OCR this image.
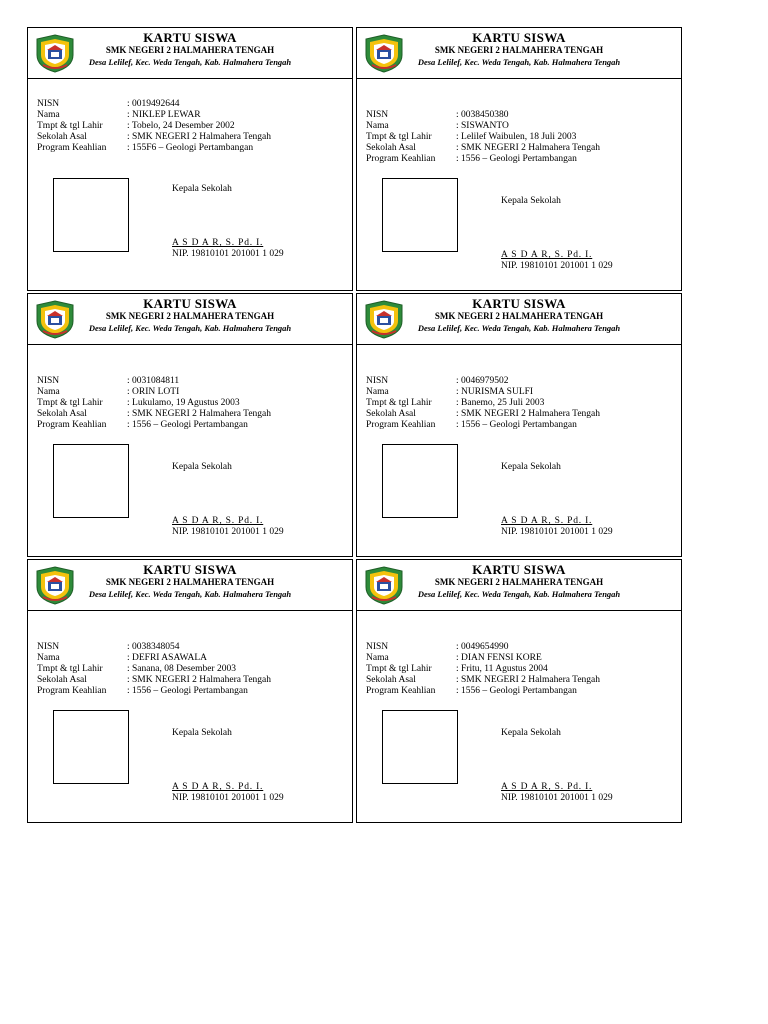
KARTU SISWA
SMK NEGERI 2 HALMAHERA TENGAH
Desa Lelilef, Kec. Weda Tengah, Kab. Halmahera Tengah
NISN	: 0019492644
Nama	: NIKLEP LEWAR
Tmpt & tgl Lahir	: Tobelo, 24 Desember 2002
Sekolah Asal	: SMK NEGERI 2 Halmahera Tengah
Program Keahlian : 155F6 – Geologi Pertambangan
Kepala Sekolah
A S D A R, S. Pd. I.
NIP. 19810101 201001 1 029
KARTU SISWA
SMK NEGERI 2 HALMAHERA TENGAH
Desa Lelilef, Kec. Weda Tengah, Kab. Halmahera Tengah
NISN	: 0038450380
Nama	: SISWANTO
Tmpt & tgl Lahir	: Lelilef Waibulen, 18 Juli 2003
Sekolah Asal	: SMK NEGERI 2 Halmahera Tengah
Program Keahlian : 1556 – Geologi Pertambangan
Kepala Sekolah
A S D A R, S. Pd. I.
NIP. 19810101 201001 1 029
KARTU SISWA
SMK NEGERI 2 HALMAHERA TENGAH
Desa Lelilef, Kec. Weda Tengah, Kab. Halmahera Tengah
NISN	: 0031084811
Nama	: ORIN LOTI
Tmpt & tgl Lahir	: Lukulamo, 19 Agustus 2003
Sekolah Asal	: SMK NEGERI 2 Halmahera Tengah
Program Keahlian : 1556 – Geologi Pertambangan
Kepala Sekolah
A S D A R, S. Pd. I.
NIP. 19810101 201001 1 029
KARTU SISWA
SMK NEGERI 2 HALMAHERA TENGAH
Desa Lelilef, Kec. Weda Tengah, Kab. Halmahera Tengah
NISN	: 0046979502
Nama	: NURISMA SULFI
Tmpt & tgl Lahir	: Banemo, 25 Juli 2003
Sekolah Asal	: SMK NEGERI 2 Halmahera Tengah
Program Keahlian : 1556 – Geologi Pertambangan
Kepala Sekolah
A S D A R, S. Pd. I.
NIP. 19810101 201001 1 029
KARTU SISWA
SMK NEGERI 2 HALMAHERA TENGAH
Desa Lelilef, Kec. Weda Tengah, Kab. Halmahera Tengah
NISN	: 0038348054
Nama	: DEFRI ASAWALA
Tmpt & tgl Lahir	: Sanana, 08 Desember 2003
Sekolah Asal	: SMK NEGERI 2 Halmahera Tengah
Program Keahlian : 1556 – Geologi Pertambangan
Kepala Sekolah
A S D A R, S. Pd. I.
NIP. 19810101 201001 1 029
KARTU SISWA
SMK NEGERI 2 HALMAHERA TENGAH
Desa Lelilef, Kec. Weda Tengah, Kab. Halmahera Tengah
NISN	: 0049654990
Nama	: DIAN FENSI KORE
Tmpt & tgl Lahir	: Fritu, 11 Agustus 2004
Sekolah Asal	: SMK NEGERI 2 Halmahera Tengah
Program Keahlian : 1556 – Geologi Pertambangan
Kepala Sekolah
A S D A R, S. Pd. I.
NIP. 19810101 201001 1 029
